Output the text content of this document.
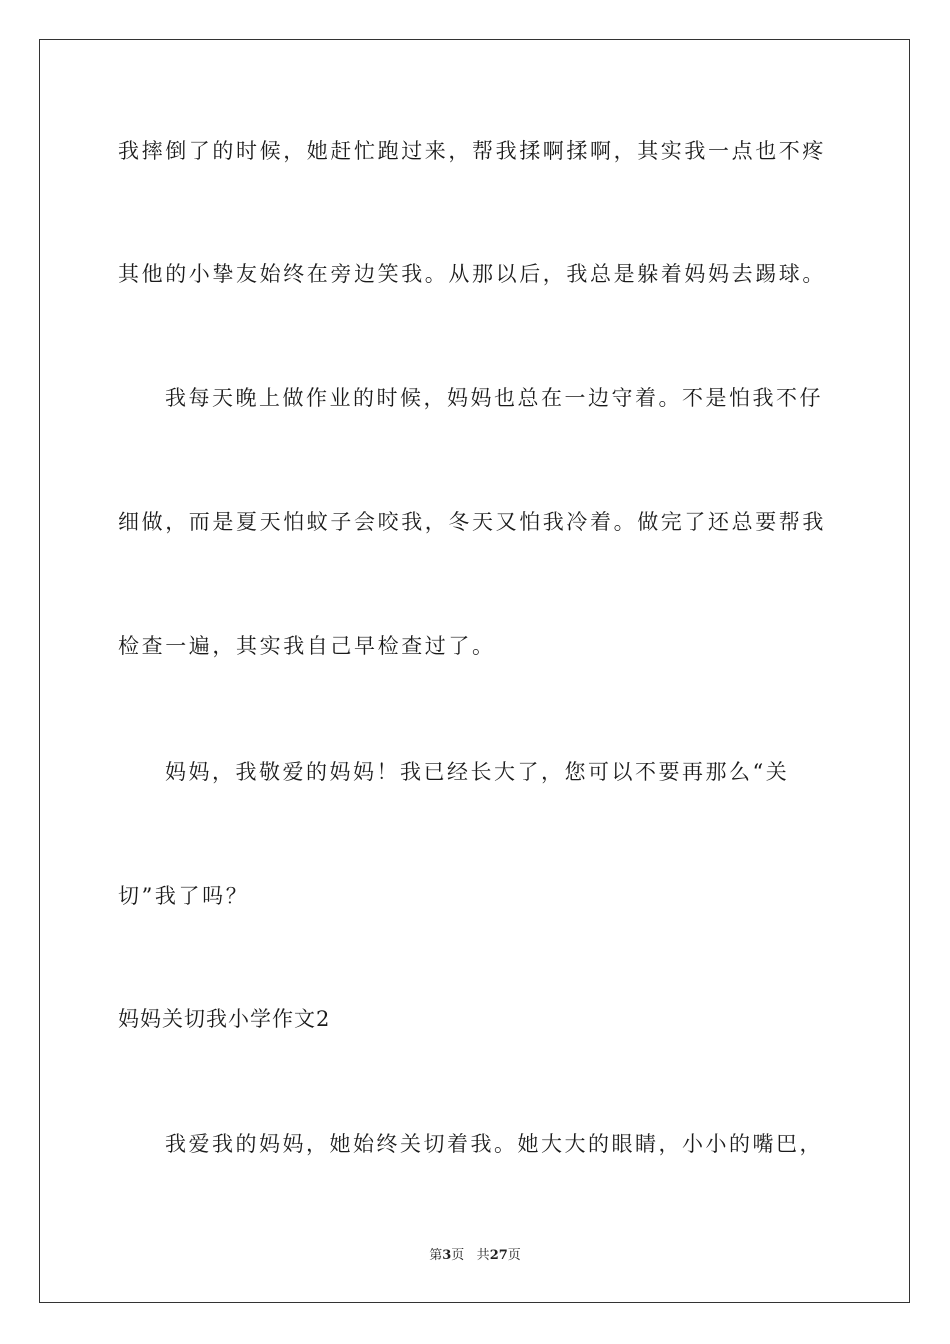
我摔倒了的时候，她赶忙跑过来，帮我揉啊揉啊，其实我一点也不疼
其他的小挚友始终在旁边笑我。从那以后，我总是躲着妈妈去踢球。
我每天晚上做作业的时候，妈妈也总在一边守着。不是怕我不仔
细做，而是夏天怕蚊子会咬我，冬天又怕我冷着。做完了还总要帮我
检查一遍，其实我自己早检查过了。
妈妈，我敬爱的妈妈！我已经长大了，您可以不要再那么“关
切”我了吗？
妈妈关切我小学作文2
我爱我的妈妈，她始终关切着我。她大大的眼睛，小小的嘴巴，
第3页 共27页
